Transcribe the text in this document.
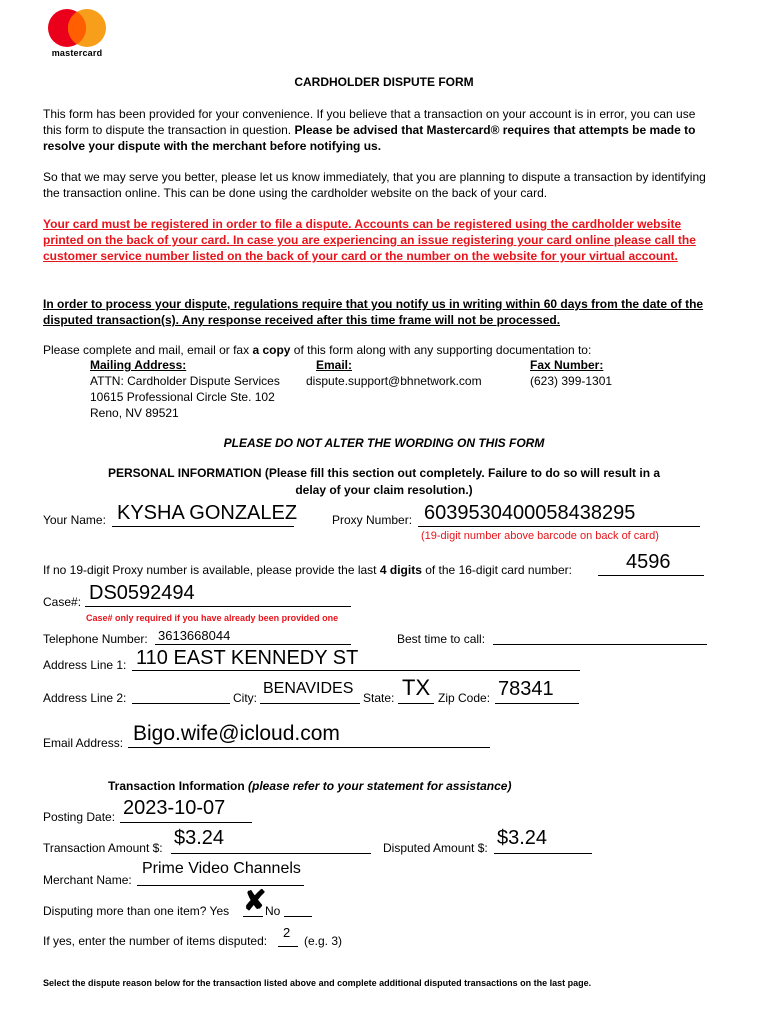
mastercard
CARDHOLDER DISPUTE FORM
This form has been provided for your convenience. If you believe that a transaction on your account is in error, you can use this form to dispute the transaction in question. Please be advised that Mastercard® requires that attempts be made to resolve your dispute with the merchant before notifying us.
So that we may serve you better, please let us know immediately, that you are planning to dispute a transaction by identifying the transaction online. This can be done using the cardholder website on the back of your card.
Your card must be registered in order to file a dispute. Accounts can be registered using the cardholder website printed on the back of your card. In case you are experiencing an issue registering your card online please call the customer service number listed on the back of your card or the number on the website for your virtual account.
In order to process your dispute, regulations require that you notify us in writing within 60 days from the date of the disputed transaction(s). Any response received after this time frame will not be processed.
Please complete and mail, email or fax a copy of this form along with any supporting documentation to:
Mailing Address:
ATTN: Cardholder Dispute Services
10615 Professional Circle Ste. 102
Reno, NV 89521
Email:
dispute.support@bhnetwork.com
Fax Number:
(623) 399-1301
PLEASE DO NOT ALTER THE WORDING ON THIS FORM
PERSONAL INFORMATION (Please fill this section out completely. Failure to do so will result in a
delay of your claim resolution.)
Your Name: KYSHA GONZALEZ	Proxy Number: 6039530400058438295
(19-digit number above barcode on back of card)
If no 19-digit Proxy number is available, please provide the last 4 digits of the 16-digit card number:	4596
Case#: DS0592494
Case# only required if you have already been provided one
Telephone Number: 3613668044	Best time to call:
Address Line 1: 110 EAST KENNEDY ST
Address Line 2:	City:
BENAVIDES
State: TX Zip Code: 78341
Email Address: Bigo.wife@icloud.com
Transaction Information (please refer to your statement for assistance)
Posting Date: 2023-10-07
Transaction Amount $: $3.24	Disputed Amount $: $3.24
Merchant Name:
Prime Video Channels
Disputing more than one item? Yes ✘
No
If yes, enter the number of items disputed:
2
(e.g. 3)
Select the dispute reason below for the transaction listed above and complete additional disputed transactions on the last page.
